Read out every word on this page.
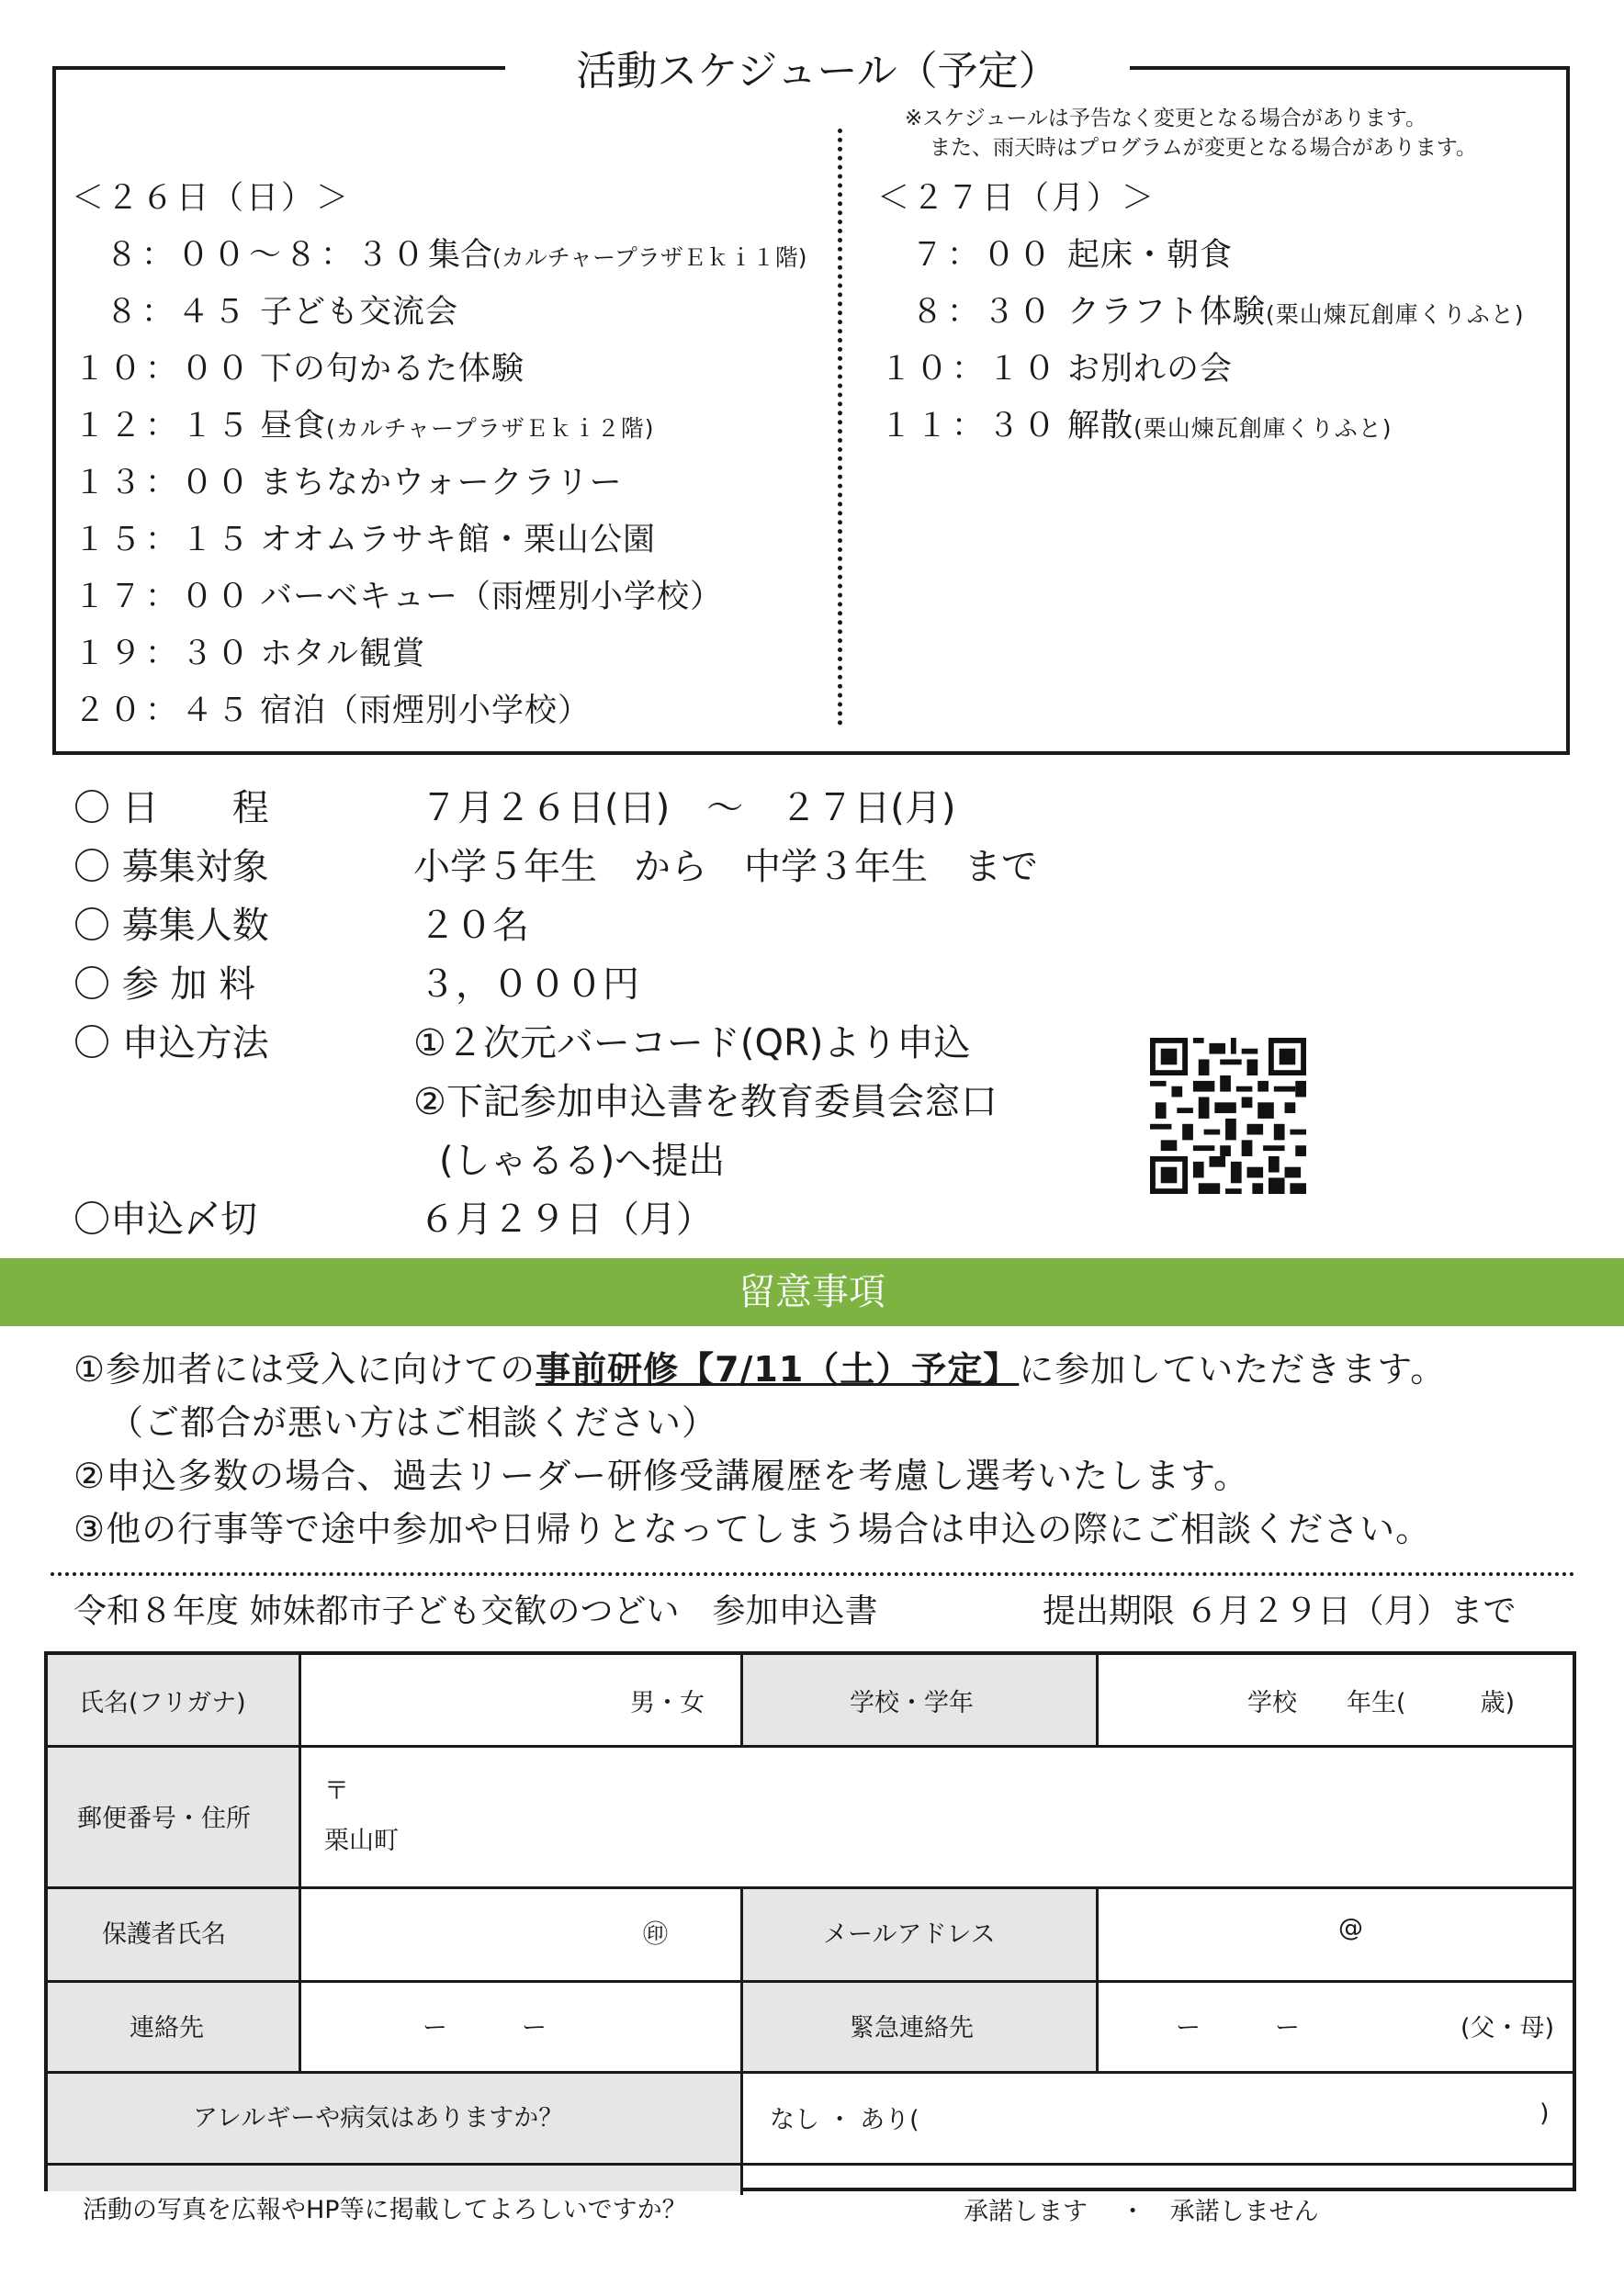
活動スケジュール（予定）
※スケジュールは予告なく変更となる場合があります。
また、雨天時はプログラムが変更となる場合があります。
＜２６日（日）＞	＜２７日（月）＞
８：００〜８：３０集合(カルチャープラザＥｋｉ１階)
８：４５ 子ども交流会
１０：００ 下の句かるた体験
１２：１５ 昼食(カルチャープラザＥｋｉ２階)
１３：００ まちなかウォークラリー
１５：１５ オオムラサキ館・栗山公園
１７：００ バーベキュー（雨煙別小学校）
１９：３０ ホタル観賞
２０：４５ 宿泊（雨煙別小学校）
７：００ 起床・朝食
８：３０ クラフト体験(栗山煉瓦創庫くりふと)
１０：１０ お別れの会
１１：３０ 解散(栗山煉瓦創庫くりふと)
〇 日　　程	７月２６日(日)　〜　２７日(月)
〇 募集対象	小学５年生　から　中学３年生　まで
〇 募集人数	２０名
〇 参 加 料	３，０００円
〇 申込方法	①２次元バーコード(QR)より申込
②下記参加申込書を教育委員会窓口
(しゃるる)へ提出
〇申込〆切	６月２９日（月）
留意事項
①参加者には受入に向けての事前研修【7/11（土）予定】に参加していただきます。
（ご都合が悪い方はご相談ください）
②申込多数の場合、過去リーダー研修受講履歴を考慮し選考いたします。
③他の行事等で途中参加や日帰りとなってしまう場合は申込の際にご相談ください。
令和８年度 姉妹都市子ども交歓のつどい　参加申込書	提出期限 ６月２９日（月）まで
氏名(フリガナ)	男・女	学校・学年	学校　　年生(　　　歳)
郵便番号・住所
〒
栗山町
保護者氏名	㊞	メールアドレス	@
連絡先	ー　　　ー	緊急連絡先	ー　　　ー	(父・母)
アレルギーや病気はありますか？	なし ・ あり(	)
活動の写真を広報やHP等に掲載してよろしいですか？	承諾します　 ・　承諾しません
